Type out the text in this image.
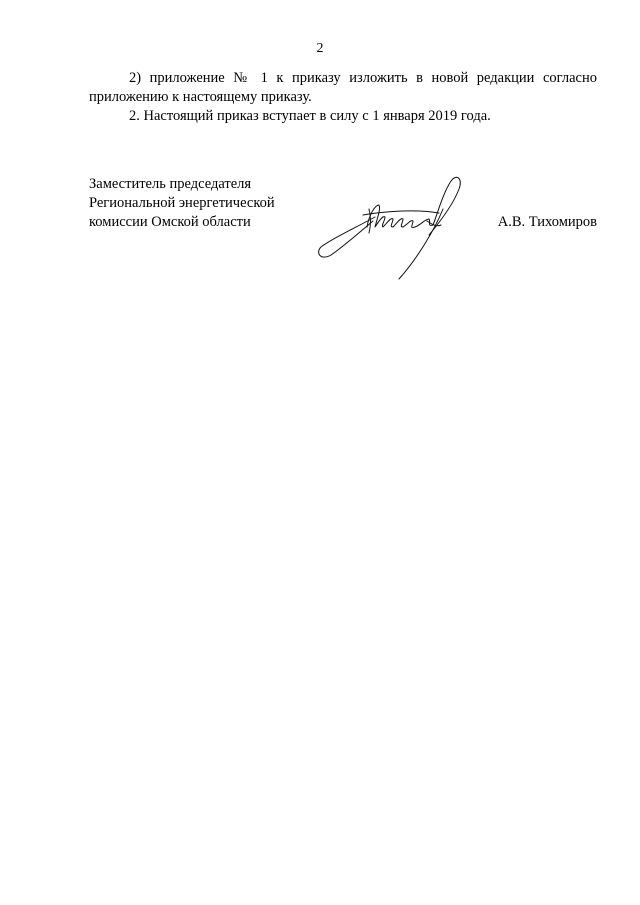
2

2) приложение № 1 к приказу изложить в новой редакции согласно

приложению к настоящему приказу.

2. Настоящий приказ вступает в силу с 1 января 2019 года.

Заместитель председателя
Региональной энергетической
комиссии Омской области	А.В. Тихомиров
